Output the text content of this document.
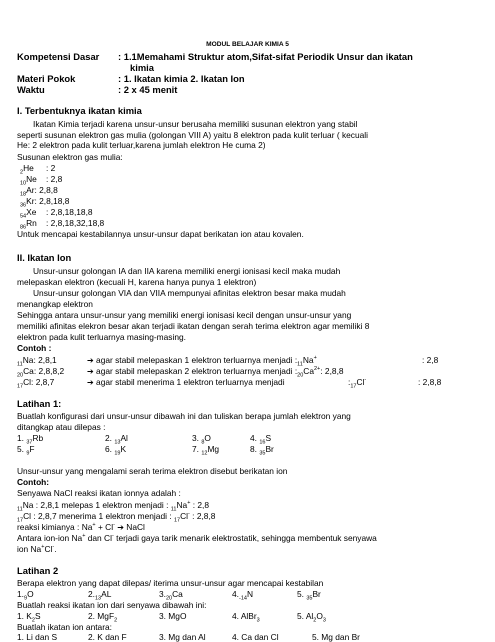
MODUL BELAJAR KIMIA 5
Kompetensi Dasar : 1.1Memahami Struktur atom,Sifat-sifat Periodik Unsur dan ikatan
kimia
Materi Pokok	: 1. Ikatan kimia 2. Ikatan Ion
Waktu	: 2 x 45 menit
I. Terbentuknya ikatan kimia
Ikatan Kimia terjadi karena unsur-unsur berusaha memiliki susunan elektron yang stabil
seperti susunan elektron gas mulia (golongan VIII A) yaitu 8 elektron pada kulit terluar ( kecuali
He: 2 elektron pada kulit terluar,karena jumlah elektron He cuma 2)
Susunan elektron gas mulia:
$_2$He : 2
$_{10}$Ne : 2,8
$_{18}$Ar: 2,8,8
$_{36}$Kr: 2,8,18,8
$_{54}$Xe : 2,8,18,18,8
$_{86}$Rn : 2,8,18,32,18,8
Untuk mencapai kestabilannya unsur-unsur dapat berikatan ion atau kovalen.
II. Ikatan Ion
Unsur-unsur golongan IA dan IIA karena memiliki energi ionisasi kecil maka mudah
melepaskan elektron (kecuali H, karena hanya punya 1 elektron)
Unsur-unsur golongan VIA dan VIIA mempunyai afinitas elektron besar maka mudah
menangkap elektron
Sehingga antara unsur-unsur yang memiliki energi ionisasi kecil dengan unsur-unsur yang
memiliki afinitas elekron besar akan terjadi ikatan dengan serah terima elektron agar memiliki 8
elektron pada kulit terluarnya masing-masing.
Contoh :
$_{11}$Na: 2,8,1	➔ agar stabil melepaskan 1 elektron terluarnya menjadi $:_{11}Na^+$	: 2,8
$_{20}$Ca: 2,8,8,2	➔ agar stabil melepaskan 2 elektron terluarnya menjadi $:_{20}Ca^{2+}$: 2,8,8
$_{17}$Cl: 2,8,7	➔ agar stabil menerima 1 elektron terluarnya menjadi	$:_{17}Cl^-$	: 2,8,8
Latihan 1:
Buatlah konfigurasi dari unsur-unsur dibawah ini dan tuliskan berapa jumlah elektron yang
ditangkap atau dilepas :
1. $_{37}$Rb	2. $_{13}$Al	3. $_8$O	4. $_{16}$S
5. $_9$F	6. $_{19}$K	7. $_{12}$Mg	8. $_{35}$Br
Unsur-unsur yang mengalami serah terima elektron disebut berikatan ion
Contoh:
Senyawa NaCl reaksi ikatan ionnya adalah :
$_{11}$Na : 2,8,1 melepas 1 elektron menjadi : $_{11}$Na+ : 2,8
$_{17}$Cl : 2,8,7 menerima 1 elektron menjadi : $_{17}$Cl- : 2,8,8
reaksi kimianya : Na+ + Cl- ➔ NaCl
Antara ion-ion Na+ dan Cl- terjadi gaya tarik menarik elektrostatik, sehingga membentuk senyawa
ion Na+Cl-.
Latihan 2
Berapa elektron yang dapat dilepas/ iterima unsur-unsur agar mencapai kestabilan
$1._9O$	$2._{13}AL$	$3._{20}Ca$	$4._{-14}N$	5. $_{35}$Br
Buatlah reaksi ikatan ion dari senyawa dibawah ini:
1. $K_2S$	2. MgF$_2$	3. MgO	4. AlBr$_3$	5. $Al_2O_3$
Buatlah ikatan ion antara:
1. Li dan S	2. K dan F	3. Mg dan Al	4. Ca dan Cl	5. Mg dan Br
